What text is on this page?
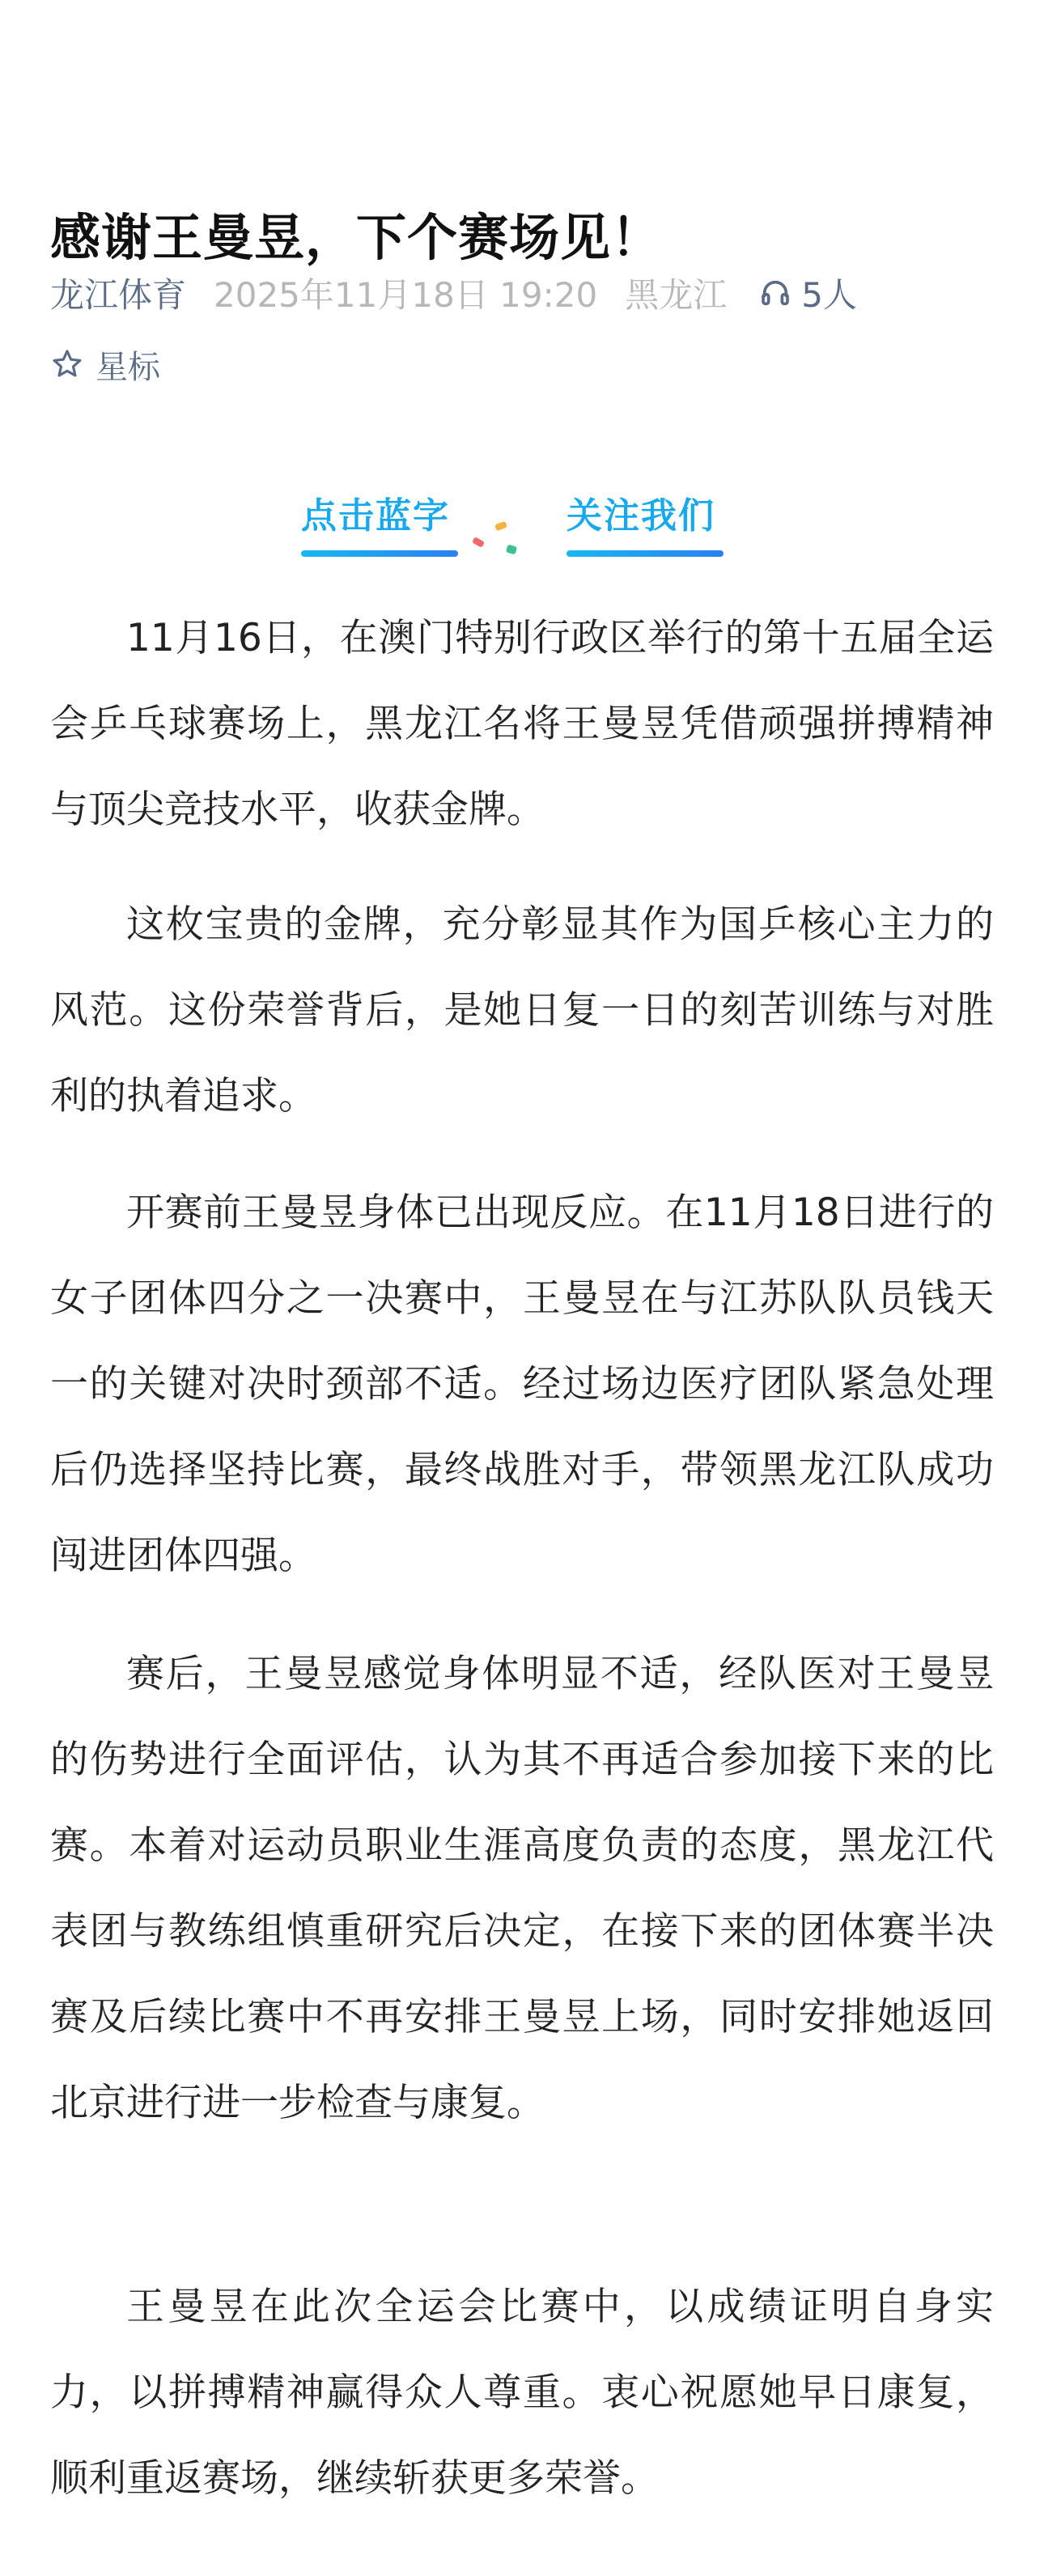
感谢王曼昱，下个赛场见！
龙江体育 2025年11月18日 19:20 黑龙江 5人
星标
点击蓝字	关注我们

11月16日，在澳门特别行政区举行的第十五届全运会乒乓球赛场上，黑龙江名将王曼昱凭借顽强拼搏精神与顶尖竞技水平，收获金牌。

这枚宝贵的金牌，充分彰显其作为国乒核心主力的风范。这份荣誉背后，是她日复一日的刻苦训练与对胜利的执着追求。

开赛前王曼昱身体已出现反应。在11月18日进行的女子团体四分之一决赛中，王曼昱在与江苏队队员钱天一的关键对决时颈部不适。经过场边医疗团队紧急处理后仍选择坚持比赛，最终战胜对手，带领黑龙江队成功闯进团体四强。

赛后，王曼昱感觉身体明显不适，经队医对王曼昱的伤势进行全面评估，认为其不再适合参加接下来的比赛。本着对运动员职业生涯高度负责的态度，黑龙江代表团与教练组慎重研究后决定，在接下来的团体赛半决赛及后续比赛中不再安排王曼昱上场，同时安排她返回北京进行进一步检查与康复。

王曼昱在此次全运会比赛中，以成绩证明自身实力，以拼搏精神赢得众人尊重。衷心祝愿她早日康复，顺利重返赛场，继续斩获更多荣誉。
